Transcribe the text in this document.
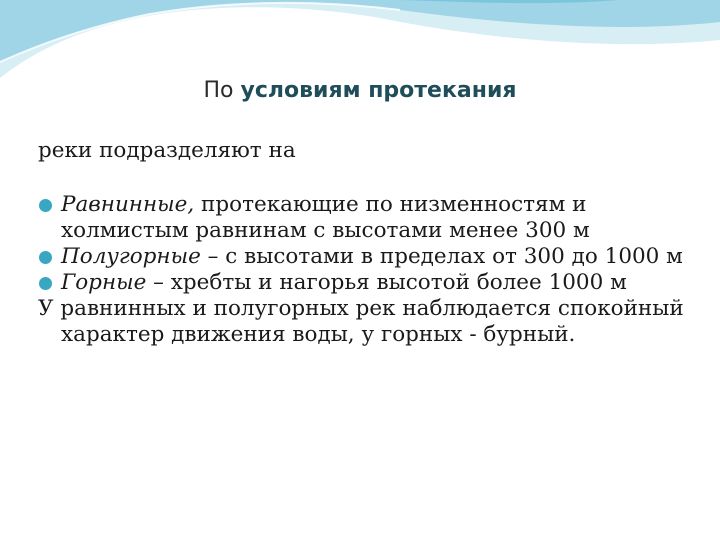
По условиям протекания

реки подразделяют на

Равнинные, протекающие по низменностям и холмистым равнинам с высотами менее 300 м

Полугорные – с высотами в пределах от 300 до 1000 м

Горные – хребты и нагорья высотой более 1000 м

У равнинных и полугорных рек наблюдается спокойный характер движения воды, у горных - бурный.
